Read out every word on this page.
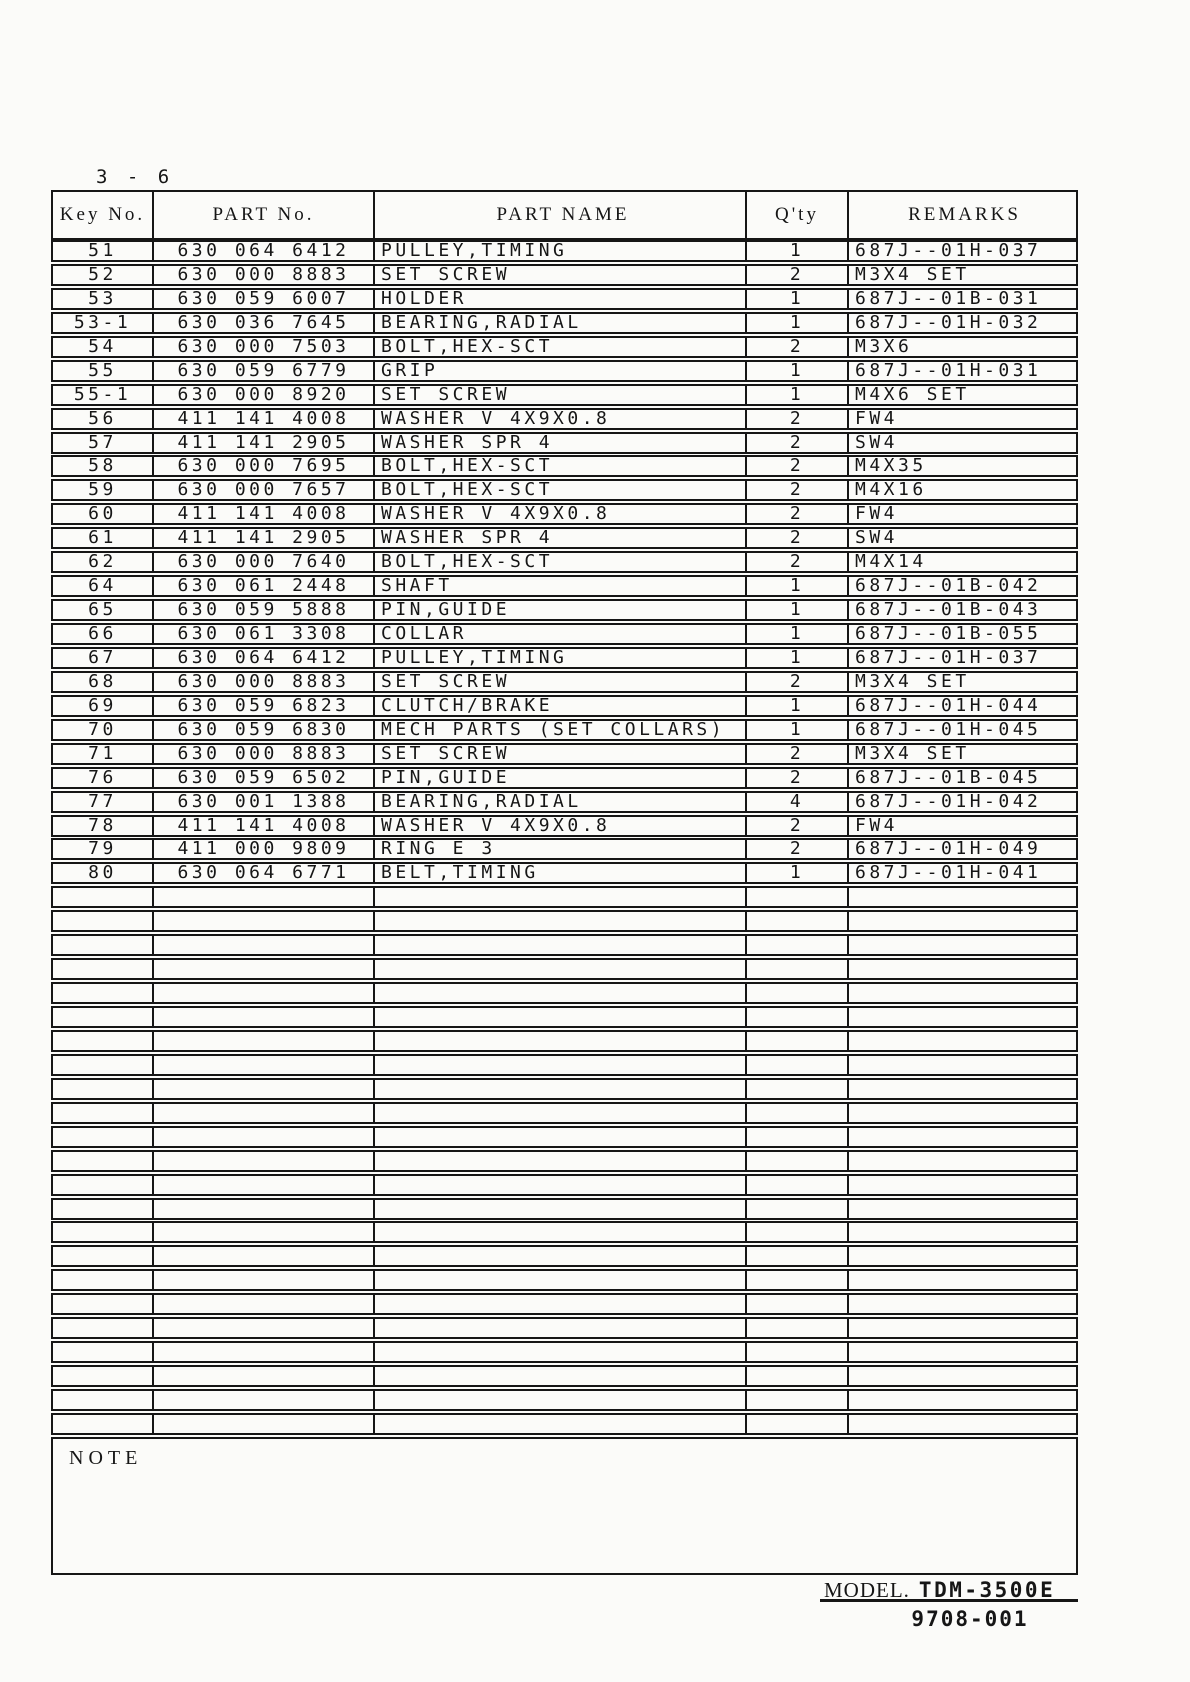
3 - 6
Key No.	PART No.	PART NAME	Q'ty	REMARKS
51	630 064 6412	PULLEY,TIMING	1	687J--01H-037
52	630 000 8883	SET SCREW	2	M3X4 SET
53	630 059 6007	HOLDER	1	687J--01B-031
53-1	630 036 7645	BEARING,RADIAL	1	687J--01H-032
54	630 000 7503	BOLT,HEX-SCT	2	M3X6
55	630 059 6779	GRIP	1	687J--01H-031
55-1	630 000 8920	SET SCREW	1	M4X6 SET
56	411 141 4008	WASHER V 4X9X0.8	2	FW4
57	411 141 2905	WASHER SPR 4	2	SW4
58	630 000 7695	BOLT,HEX-SCT	2	M4X35
59	630 000 7657	BOLT,HEX-SCT	2	M4X16
60	411 141 4008	WASHER V 4X9X0.8	2	FW4
61	411 141 2905	WASHER SPR 4	2	SW4
62	630 000 7640	BOLT,HEX-SCT	2	M4X14
64	630 061 2448	SHAFT	1	687J--01B-042
65	630 059 5888	PIN,GUIDE	1	687J--01B-043
66	630 061 3308	COLLAR	1	687J--01B-055
67	630 064 6412	PULLEY,TIMING	1	687J--01H-037
68	630 000 8883	SET SCREW	2	M3X4 SET
69	630 059 6823	CLUTCH/BRAKE	1	687J--01H-044
70	630 059 6830	MECH PARTS (SET COLLARS)	1	687J--01H-045
71	630 000 8883	SET SCREW	2	M3X4 SET
76	630 059 6502	PIN,GUIDE	2	687J--01B-045
77	630 001 1388	BEARING,RADIAL	4	687J--01H-042
78	411 141 4008	WASHER V 4X9X0.8	2	FW4
79	411 000 9809	RING E 3	2	687J--01H-049
80	630 064 6771	BELT,TIMING	1	687J--01H-041
NOTE
MODEL. TDM-3500E
9708-001
